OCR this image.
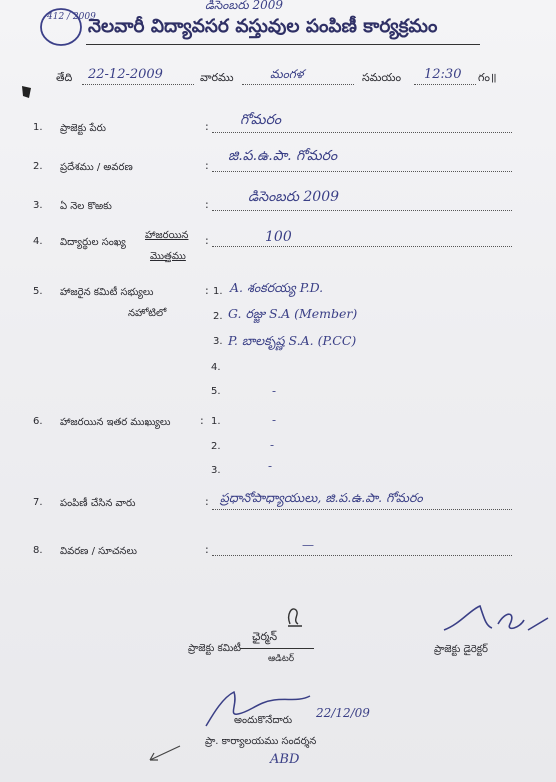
412 / 2009
డిసెంబరు 2009
నెలవారీ విద్యావసర వస్తువుల పంపిణీ కార్యక్రమం
తేది 22-12-2009	వారము	మంగళ	సమయం 12:30 గం॥
1. ప్రాజెక్టు పేరు	: గోమరం
2. ప్రదేశము / అవరణ	:
జి.ప.ఉ.పా. గోమరం
3. ఏ నెల కొఱకు	:	డిసెంబరు 2009
4. విద్యార్థుల సంఖ్య
హాజరయిన
మొత్తము
:	100
5. హాజరైన కమిటీ సభ్యులు
నహోటిలో
: 1. A. శంకరయ్య P.D.
2. G. రజ్జు S.A (Member)
3. P. బాలకృష్ణ S.A. (P.CC)
4.
5.	-
6. హాజరయిన ఇతర ముఖ్యులు	: 1.	-
2.	-
3.	-
7. పంపిణీ చేసిన వారు	: ప్రధానోపాధ్యాయులు, జి.ప.ఉ.పా. గోమరం
8. వివరణ / సూచనలు	:	—
ఛైర్మన్
ప్రాజెక్టు కమిటీ
ఆడిటర్
ప్రాజెక్టు డైరెక్టర్
అందుకొనేదారు
22/12/09
ప్రా. కార్యాలయము సందర్శన
ABD
